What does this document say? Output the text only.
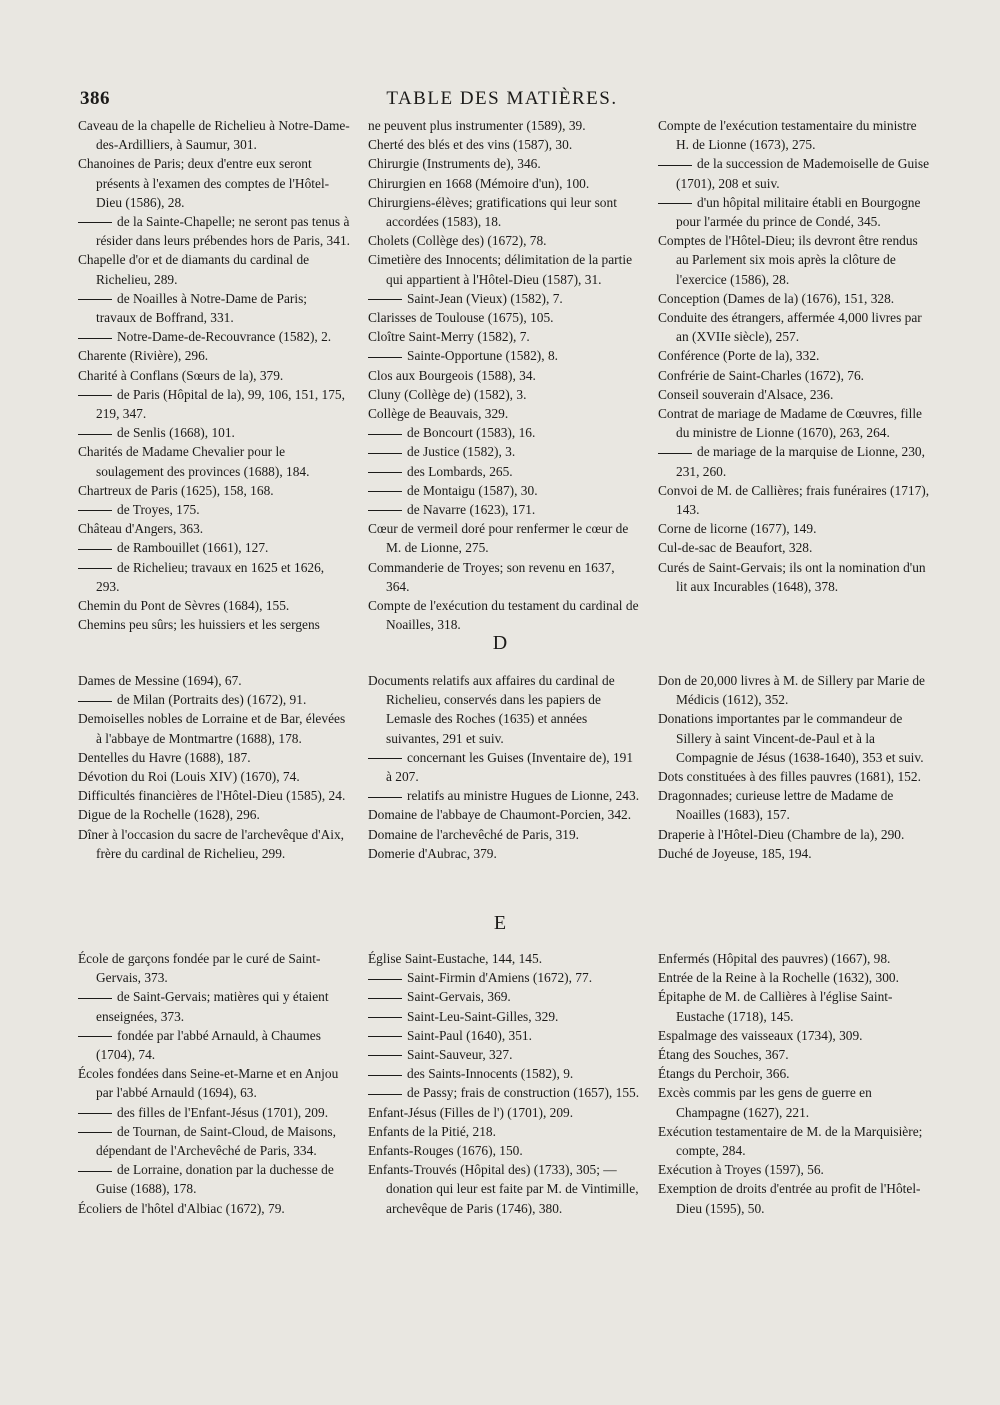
386	TABLE DES MATIÈRES.
D
E
Caveau de la chapelle de Richelieu à Notre-Dame-des-Ardilliers, à Saumur, 301.
Chanoines de Paris; deux d'entre eux seront présents à l'examen des comptes de l'Hôtel-Dieu (1586), 28.
de la Sainte-Chapelle; ne seront pas tenus à résider dans leurs prébendes hors de Paris, 341.
Chapelle d'or et de diamants du cardinal de Richelieu, 289.
de Noailles à Notre-Dame de Paris; travaux de Boffrand, 331.
Notre-Dame-de-Recouvrance (1582), 2.
Charente (Rivière), 296.
Charité à Conflans (Sœurs de la), 379.
de Paris (Hôpital de la), 99, 106, 151, 175, 219, 347.
de Senlis (1668), 101.
Charités de Madame Chevalier pour le soulagement des provinces (1688), 184.
Chartreux de Paris (1625), 158, 168.
de Troyes, 175.
Château d'Angers, 363.
de Rambouillet (1661), 127.
de Richelieu; travaux en 1625 et 1626, 293.
Chemin du Pont de Sèvres (1684), 155.
Chemins peu sûrs; les huissiers et les sergens
ne peuvent plus instrumenter (1589), 39.
Cherté des blés et des vins (1587), 30.
Chirurgie (Instruments de), 346.
Chirurgien en 1668 (Mémoire d'un), 100.
Chirurgiens-élèves; gratifications qui leur sont accordées (1583), 18.
Cholets (Collège des) (1672), 78.
Cimetière des Innocents; délimitation de la partie qui appartient à l'Hôtel-Dieu (1587), 31.
Saint-Jean (Vieux) (1582), 7.
Clarisses de Toulouse (1675), 105.
Cloître Saint-Merry (1582), 7.
Sainte-Opportune (1582), 8.
Clos aux Bourgeois (1588), 34.
Cluny (Collège de) (1582), 3.
Collège de Beauvais, 329.
de Boncourt (1583), 16.
de Justice (1582), 3.
des Lombards, 265.
de Montaigu (1587), 30.
de Navarre (1623), 171.
Cœur de vermeil doré pour renfermer le cœur de M. de Lionne, 275.
Commanderie de Troyes; son revenu en 1637, 364.
Compte de l'exécution du testament du cardinal de Noailles, 318.
Compte de l'exécution testamentaire du ministre H. de Lionne (1673), 275.
de la succession de Mademoiselle de Guise (1701), 208 et suiv.
d'un hôpital militaire établi en Bourgogne pour l'armée du prince de Condé, 345.
Comptes de l'Hôtel-Dieu; ils devront être rendus au Parlement six mois après la clôture de l'exercice (1586), 28.
Conception (Dames de la) (1676), 151, 328.
Conduite des étrangers, affermée 4,000 livres par an (XVIIe siècle), 257.
Conférence (Porte de la), 332.
Confrérie de Saint-Charles (1672), 76.
Conseil souverain d'Alsace, 236.
Contrat de mariage de Madame de Cœuvres, fille du ministre de Lionne (1670), 263, 264.
de mariage de la marquise de Lionne, 230, 231, 260.
Convoi de M. de Callières; frais funéraires (1717), 143.
Corne de licorne (1677), 149.
Cul-de-sac de Beaufort, 328.
Curés de Saint-Gervais; ils ont la nomination d'un lit aux Incurables (1648), 378.
Dames de Messine (1694), 67.
de Milan (Portraits des) (1672), 91.
Demoiselles nobles de Lorraine et de Bar, élevées à l'abbaye de Montmartre (1688), 178.
Dentelles du Havre (1688), 187.
Dévotion du Roi (Louis XIV) (1670), 74.
Difficultés financières de l'Hôtel-Dieu (1585), 24.
Digue de la Rochelle (1628), 296.
Dîner à l'occasion du sacre de l'archevêque d'Aix, frère du cardinal de Richelieu, 299.
Documents relatifs aux affaires du cardinal de Richelieu, conservés dans les papiers de Lemasle des Roches (1635) et années suivantes, 291 et suiv.
concernant les Guises (Inventaire de), 191 à 207.
relatifs au ministre Hugues de Lionne, 243.
Domaine de l'abbaye de Chaumont-Porcien, 342.
Domaine de l'archevêché de Paris, 319.
Domerie d'Aubrac, 379.
Don de 20,000 livres à M. de Sillery par Marie de Médicis (1612), 352.
Donations importantes par le commandeur de Sillery à saint Vincent-de-Paul et à la Compagnie de Jésus (1638-1640), 353 et suiv.
Dots constituées à des filles pauvres (1681), 152.
Dragonnades; curieuse lettre de Madame de Noailles (1683), 157.
Draperie à l'Hôtel-Dieu (Chambre de la), 290.
Duché de Joyeuse, 185, 194.
École de garçons fondée par le curé de Saint-Gervais, 373.
de Saint-Gervais; matières qui y étaient enseignées, 373.
fondée par l'abbé Arnauld, à Chaumes (1704), 74.
Écoles fondées dans Seine-et-Marne et en Anjou par l'abbé Arnauld (1694), 63.
des filles de l'Enfant-Jésus (1701), 209.
de Tournan, de Saint-Cloud, de Maisons, dépendant de l'Archevêché de Paris, 334.
de Lorraine, donation par la duchesse de Guise (1688), 178.
Écoliers de l'hôtel d'Albiac (1672), 79.
Église Saint-Eustache, 144, 145.
Saint-Firmin d'Amiens (1672), 77.
Saint-Gervais, 369.
Saint-Leu-Saint-Gilles, 329.
Saint-Paul (1640), 351.
Saint-Sauveur, 327.
des Saints-Innocents (1582), 9.
de Passy; frais de construction (1657), 155.
Enfant-Jésus (Filles de l') (1701), 209.
Enfants de la Pitié, 218.
Enfants-Rouges (1676), 150.
Enfants-Trouvés (Hôpital des) (1733), 305; — donation qui leur est faite par M. de Vintimille, archevêque de Paris (1746), 380.
Enfermés (Hôpital des pauvres) (1667), 98.
Entrée de la Reine à la Rochelle (1632), 300.
Épitaphe de M. de Callières à l'église Saint-Eustache (1718), 145.
Espalmage des vaisseaux (1734), 309.
Étang des Souches, 367.
Étangs du Perchoir, 366.
Excès commis par les gens de guerre en Champagne (1627), 221.
Exécution testamentaire de M. de la Marquisière; compte, 284.
Exécution à Troyes (1597), 56.
Exemption de droits d'entrée au profit de l'Hôtel-Dieu (1595), 50.
